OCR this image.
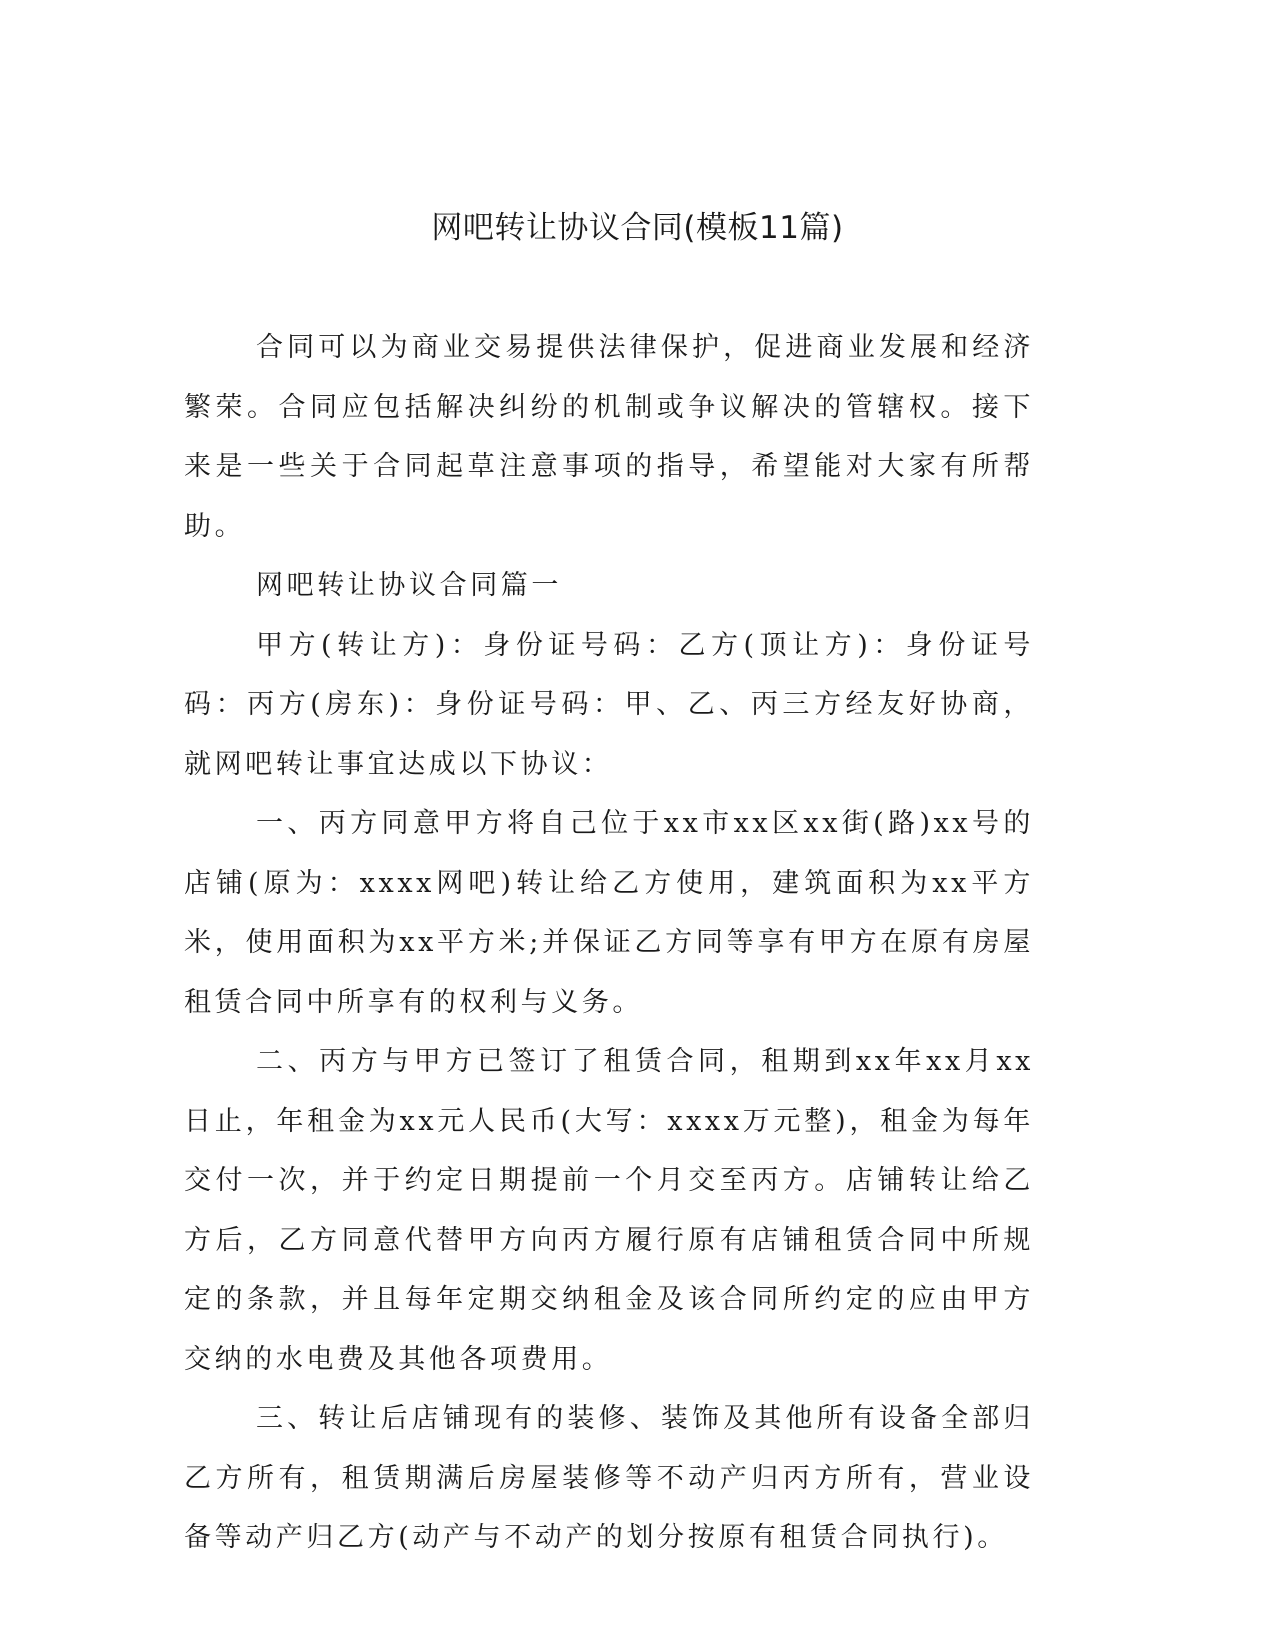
网吧转让协议合同(模板11篇)

合同可以为商业交易提供法律保护，促进商业发展和经济繁荣。合同应包括解决纠纷的机制或争议解决的管辖权。接下来是一些关于合同起草注意事项的指导，希望能对大家有所帮助。

网吧转让协议合同篇一

甲方(转让方)：身份证号码：乙方(顶让方)：身份证号码：丙方(房东)：身份证号码：甲、乙、丙三方经友好协商，就网吧转让事宜达成以下协议：

一、丙方同意甲方将自己位于xx市xx区xx街(路)xx号的店铺(原为：xxxx网吧)转让给乙方使用，建筑面积为xx平方米，使用面积为xx平方米;并保证乙方同等享有甲方在原有房屋租赁合同中所享有的权利与义务。

二、丙方与甲方已签订了租赁合同，租期到xx年xx月xx日止，年租金为xx元人民币(大写：xxxx万元整)，租金为每年交付一次，并于约定日期提前一个月交至丙方。店铺转让给乙方后，乙方同意代替甲方向丙方履行原有店铺租赁合同中所规定的条款，并且每年定期交纳租金及该合同所约定的应由甲方交纳的水电费及其他各项费用。

三、转让后店铺现有的装修、装饰及其他所有设备全部归乙方所有，租赁期满后房屋装修等不动产归丙方所有，营业设备等动产归乙方(动产与不动产的划分按原有租赁合同执行)。
